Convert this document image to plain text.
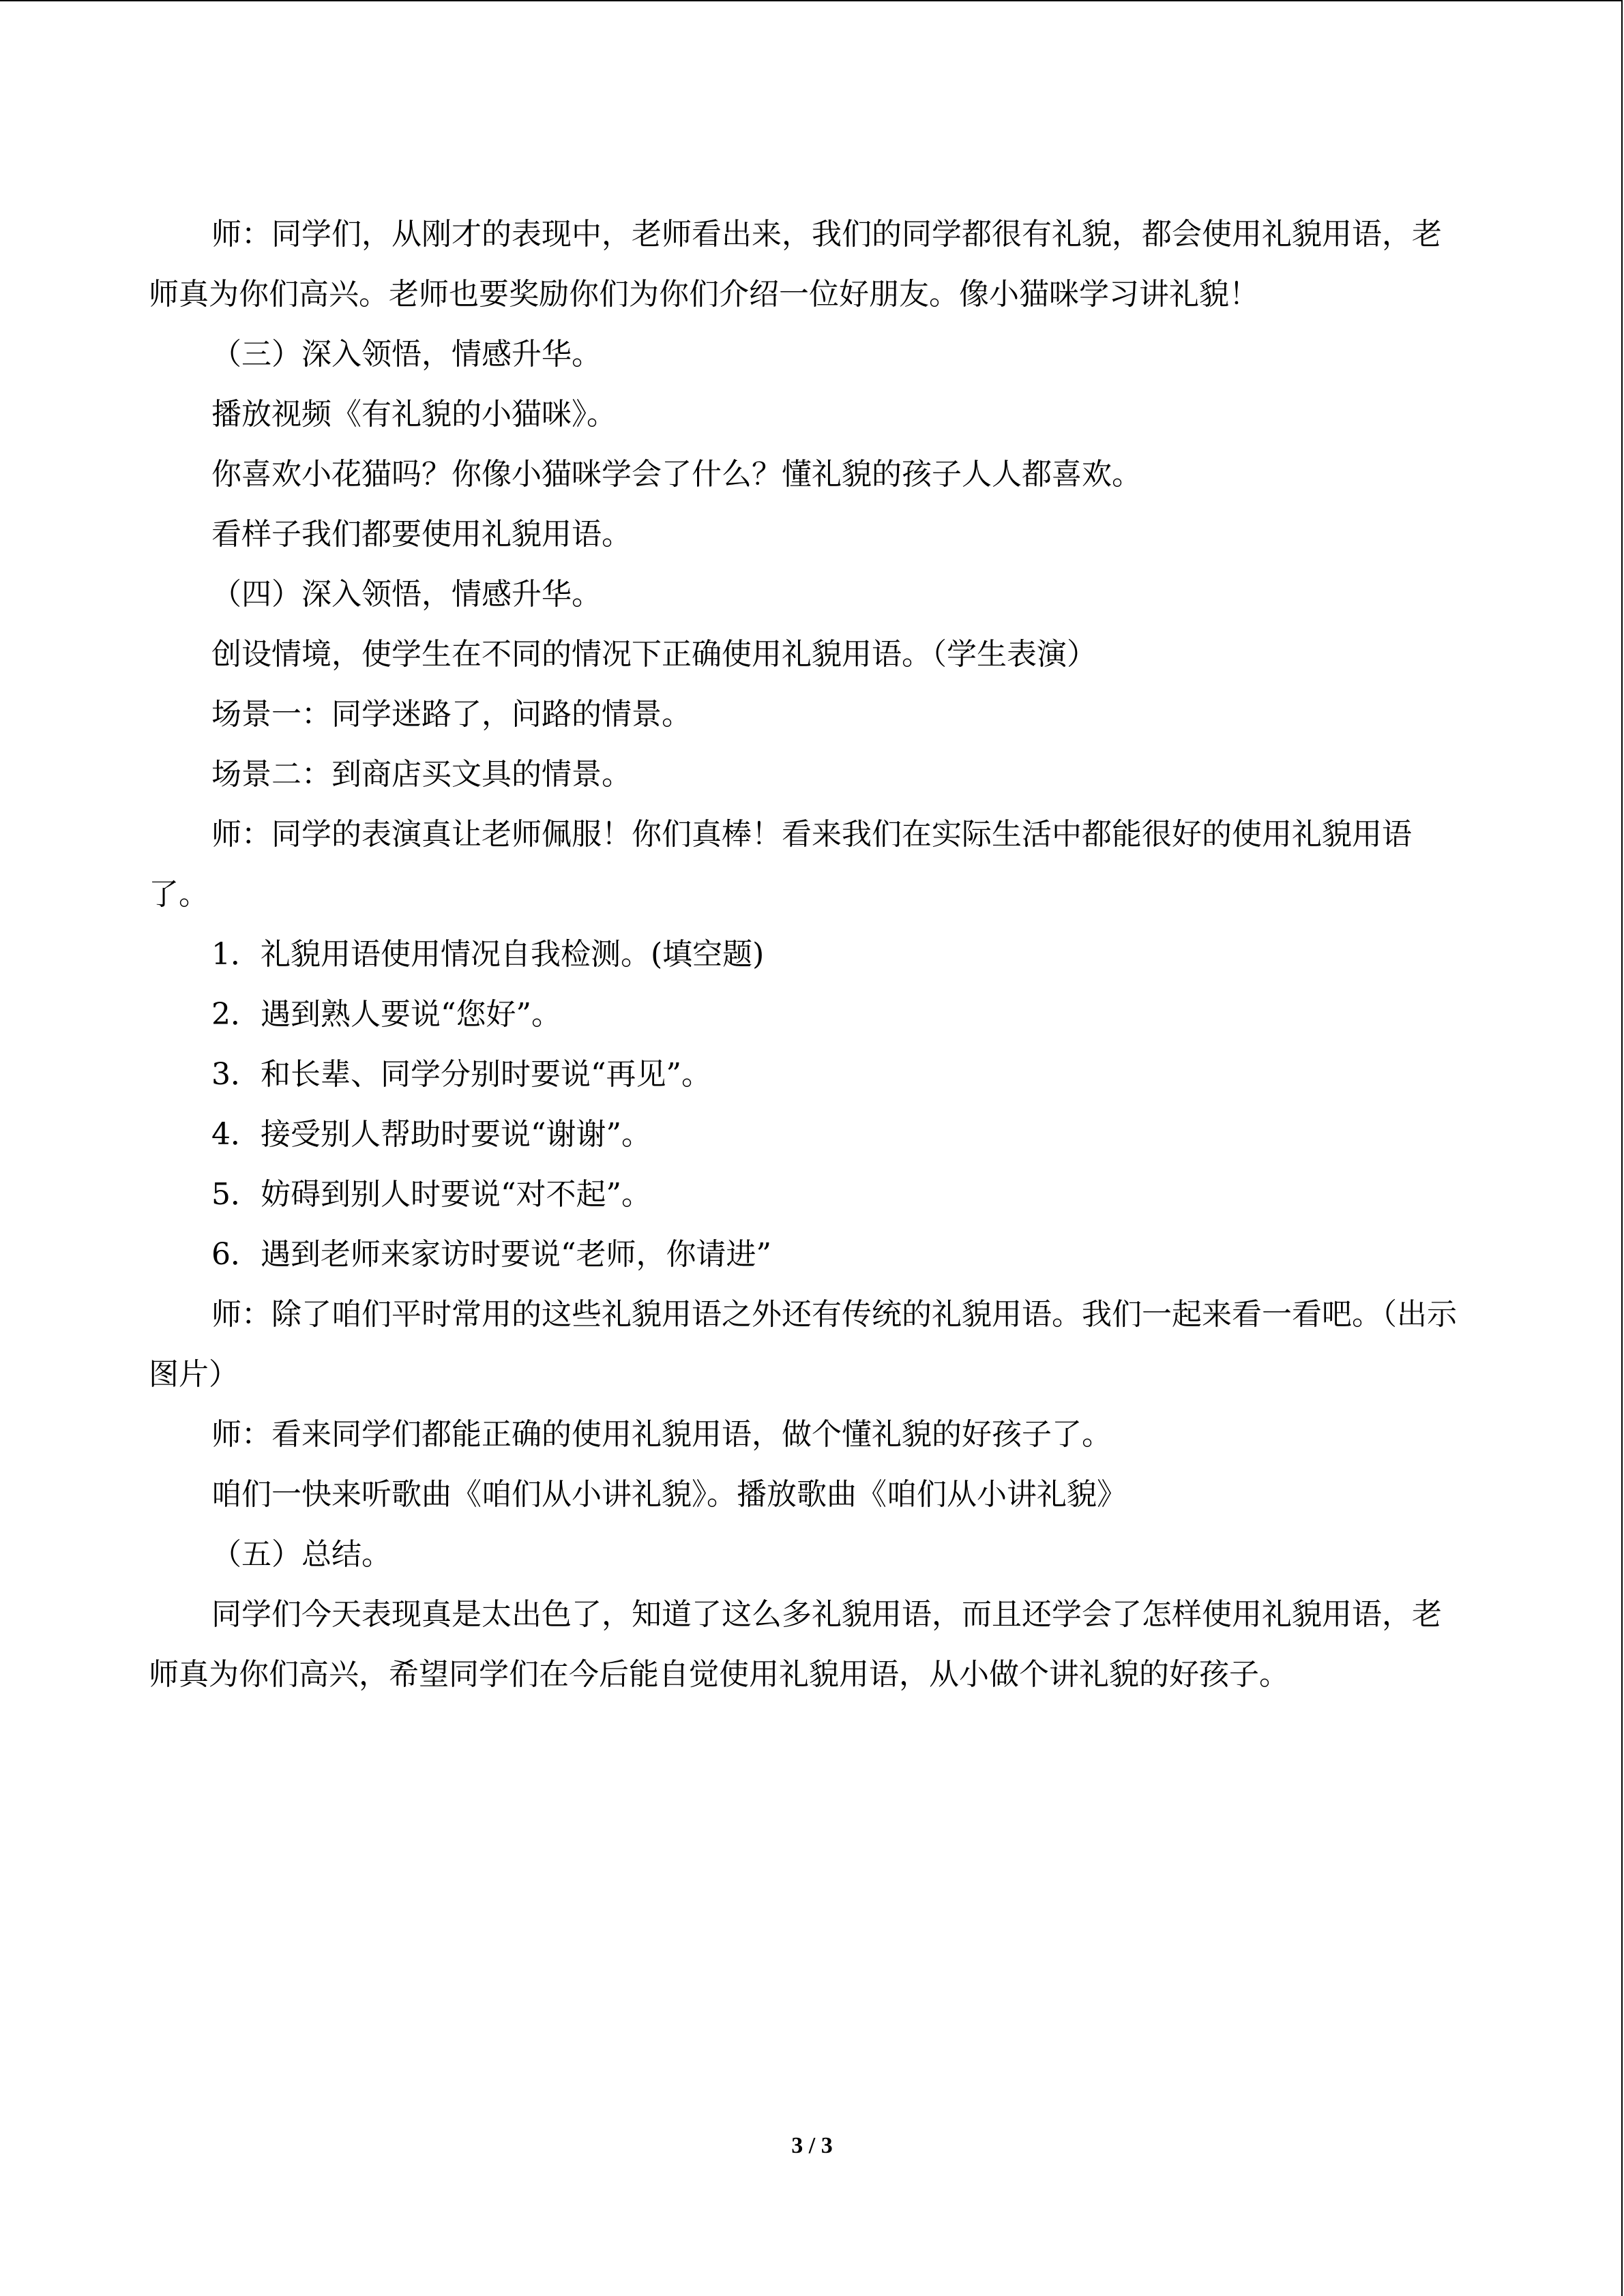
师：同学们，从刚才的表现中，老师看出来，我们的同学都很有礼貌，都会使用礼貌用语，老师真为你们高兴。老师也要奖励你们为你们介绍一位好朋友。像小猫咪学习讲礼貌！

（三）深入领悟，情感升华。

播放视频《有礼貌的小猫咪》。

你喜欢小花猫吗？你像小猫咪学会了什么？懂礼貌的孩子人人都喜欢。

看样子我们都要使用礼貌用语。

（四）深入领悟，情感升华。

创设情境，使学生在不同的情况下正确使用礼貌用语。（学生表演）

场景一：同学迷路了，问路的情景。

场景二：到商店买文具的情景。

师：同学的表演真让老师佩服！你们真棒！看来我们在实际生活中都能很好的使用礼貌用语了。

1．礼貌用语使用情况自我检测。(填空题)

2．遇到熟人要说“您好”。

3．和长辈、同学分别时要说“再见”。

4．接受别人帮助时要说“谢谢”。

5．妨碍到别人时要说“对不起”。

6．遇到老师来家访时要说“老师，你请进”

师：除了咱们平时常用的这些礼貌用语之外还有传统的礼貌用语。我们一起来看一看吧。（出示图片）

师：看来同学们都能正确的使用礼貌用语，做个懂礼貌的好孩子了。

咱们一快来听歌曲《咱们从小讲礼貌》。播放歌曲《咱们从小讲礼貌》

（五）总结。

同学们今天表现真是太出色了，知道了这么多礼貌用语，而且还学会了怎样使用礼貌用语，老师真为你们高兴，希望同学们在今后能自觉使用礼貌用语，从小做个讲礼貌的好孩子。

3 / 3
